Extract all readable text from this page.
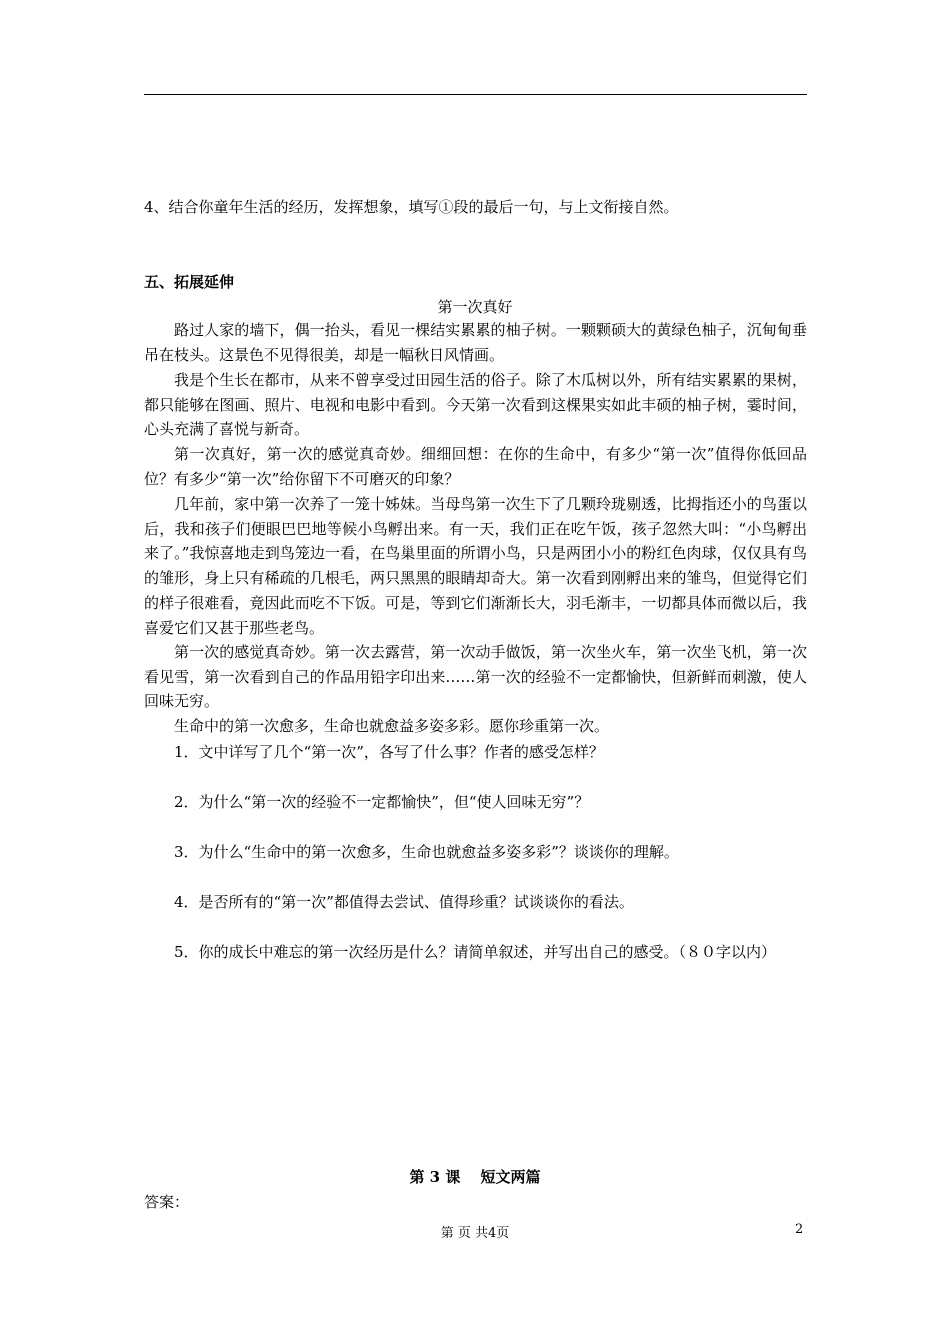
4、结合你童年生活的经历，发挥想象，填写①段的最后一句，与上文衔接自然。
五、拓展延伸
第一次真好
路过人家的墙下，偶一抬头，看见一棵结实累累的柚子树。一颗颗硕大的黄绿色柚子，沉甸甸垂吊在枝头。这景色不见得很美，却是一幅秋日风情画。
我是个生长在都市，从来不曾享受过田园生活的俗子。除了木瓜树以外，所有结实累累的果树，都只能够在图画、照片、电视和电影中看到。今天第一次看到这棵果实如此丰硕的柚子树，霎时间，心头充满了喜悦与新奇。
第一次真好，第一次的感觉真奇妙。细细回想：在你的生命中，有多少“第一次”值得你低回品位？有多少“第一次”给你留下不可磨灭的印象？
几年前，家中第一次养了一笼十姊妹。当母鸟第一次生下了几颗玲珑剔透，比拇指还小的鸟蛋以后，我和孩子们便眼巴巴地等候小鸟孵出来。有一天，我们正在吃午饭，孩子忽然大叫：“小鸟孵出来了。”我惊喜地走到鸟笼边一看，在鸟巢里面的所谓小鸟，只是两团小小的粉红色肉球，仅仅具有鸟的雏形，身上只有稀疏的几根毛，两只黑黑的眼睛却奇大。第一次看到刚孵出来的雏鸟，但觉得它们的样子很难看，竟因此而吃不下饭。可是，等到它们渐渐长大，羽毛渐丰，一切都具体而微以后，我喜爱它们又甚于那些老鸟。
第一次的感觉真奇妙。第一次去露营，第一次动手做饭，第一次坐火车，第一次坐飞机，第一次看见雪，第一次看到自己的作品用铅字印出来……第一次的经验不一定都愉快，但新鲜而刺激，使人回味无穷。
生命中的第一次愈多，生命也就愈益多姿多彩。愿你珍重第一次。
1．文中详写了几个“第一次”，各写了什么事？作者的感受怎样？
2．为什么“第一次的经验不一定都愉快”，但“使人回味无穷”？
3．为什么“生命中的第一次愈多，生命也就愈益多姿多彩”？谈谈你的理解。
4．是否所有的“第一次”都值得去尝试、值得珍重？试谈谈你的看法。
5．你的成长中难忘的第一次经历是什么？请简单叙述，并写出自己的感受。（８０字以内）
第 3 课　 短文两篇
答案：
第 页 共4页	2
